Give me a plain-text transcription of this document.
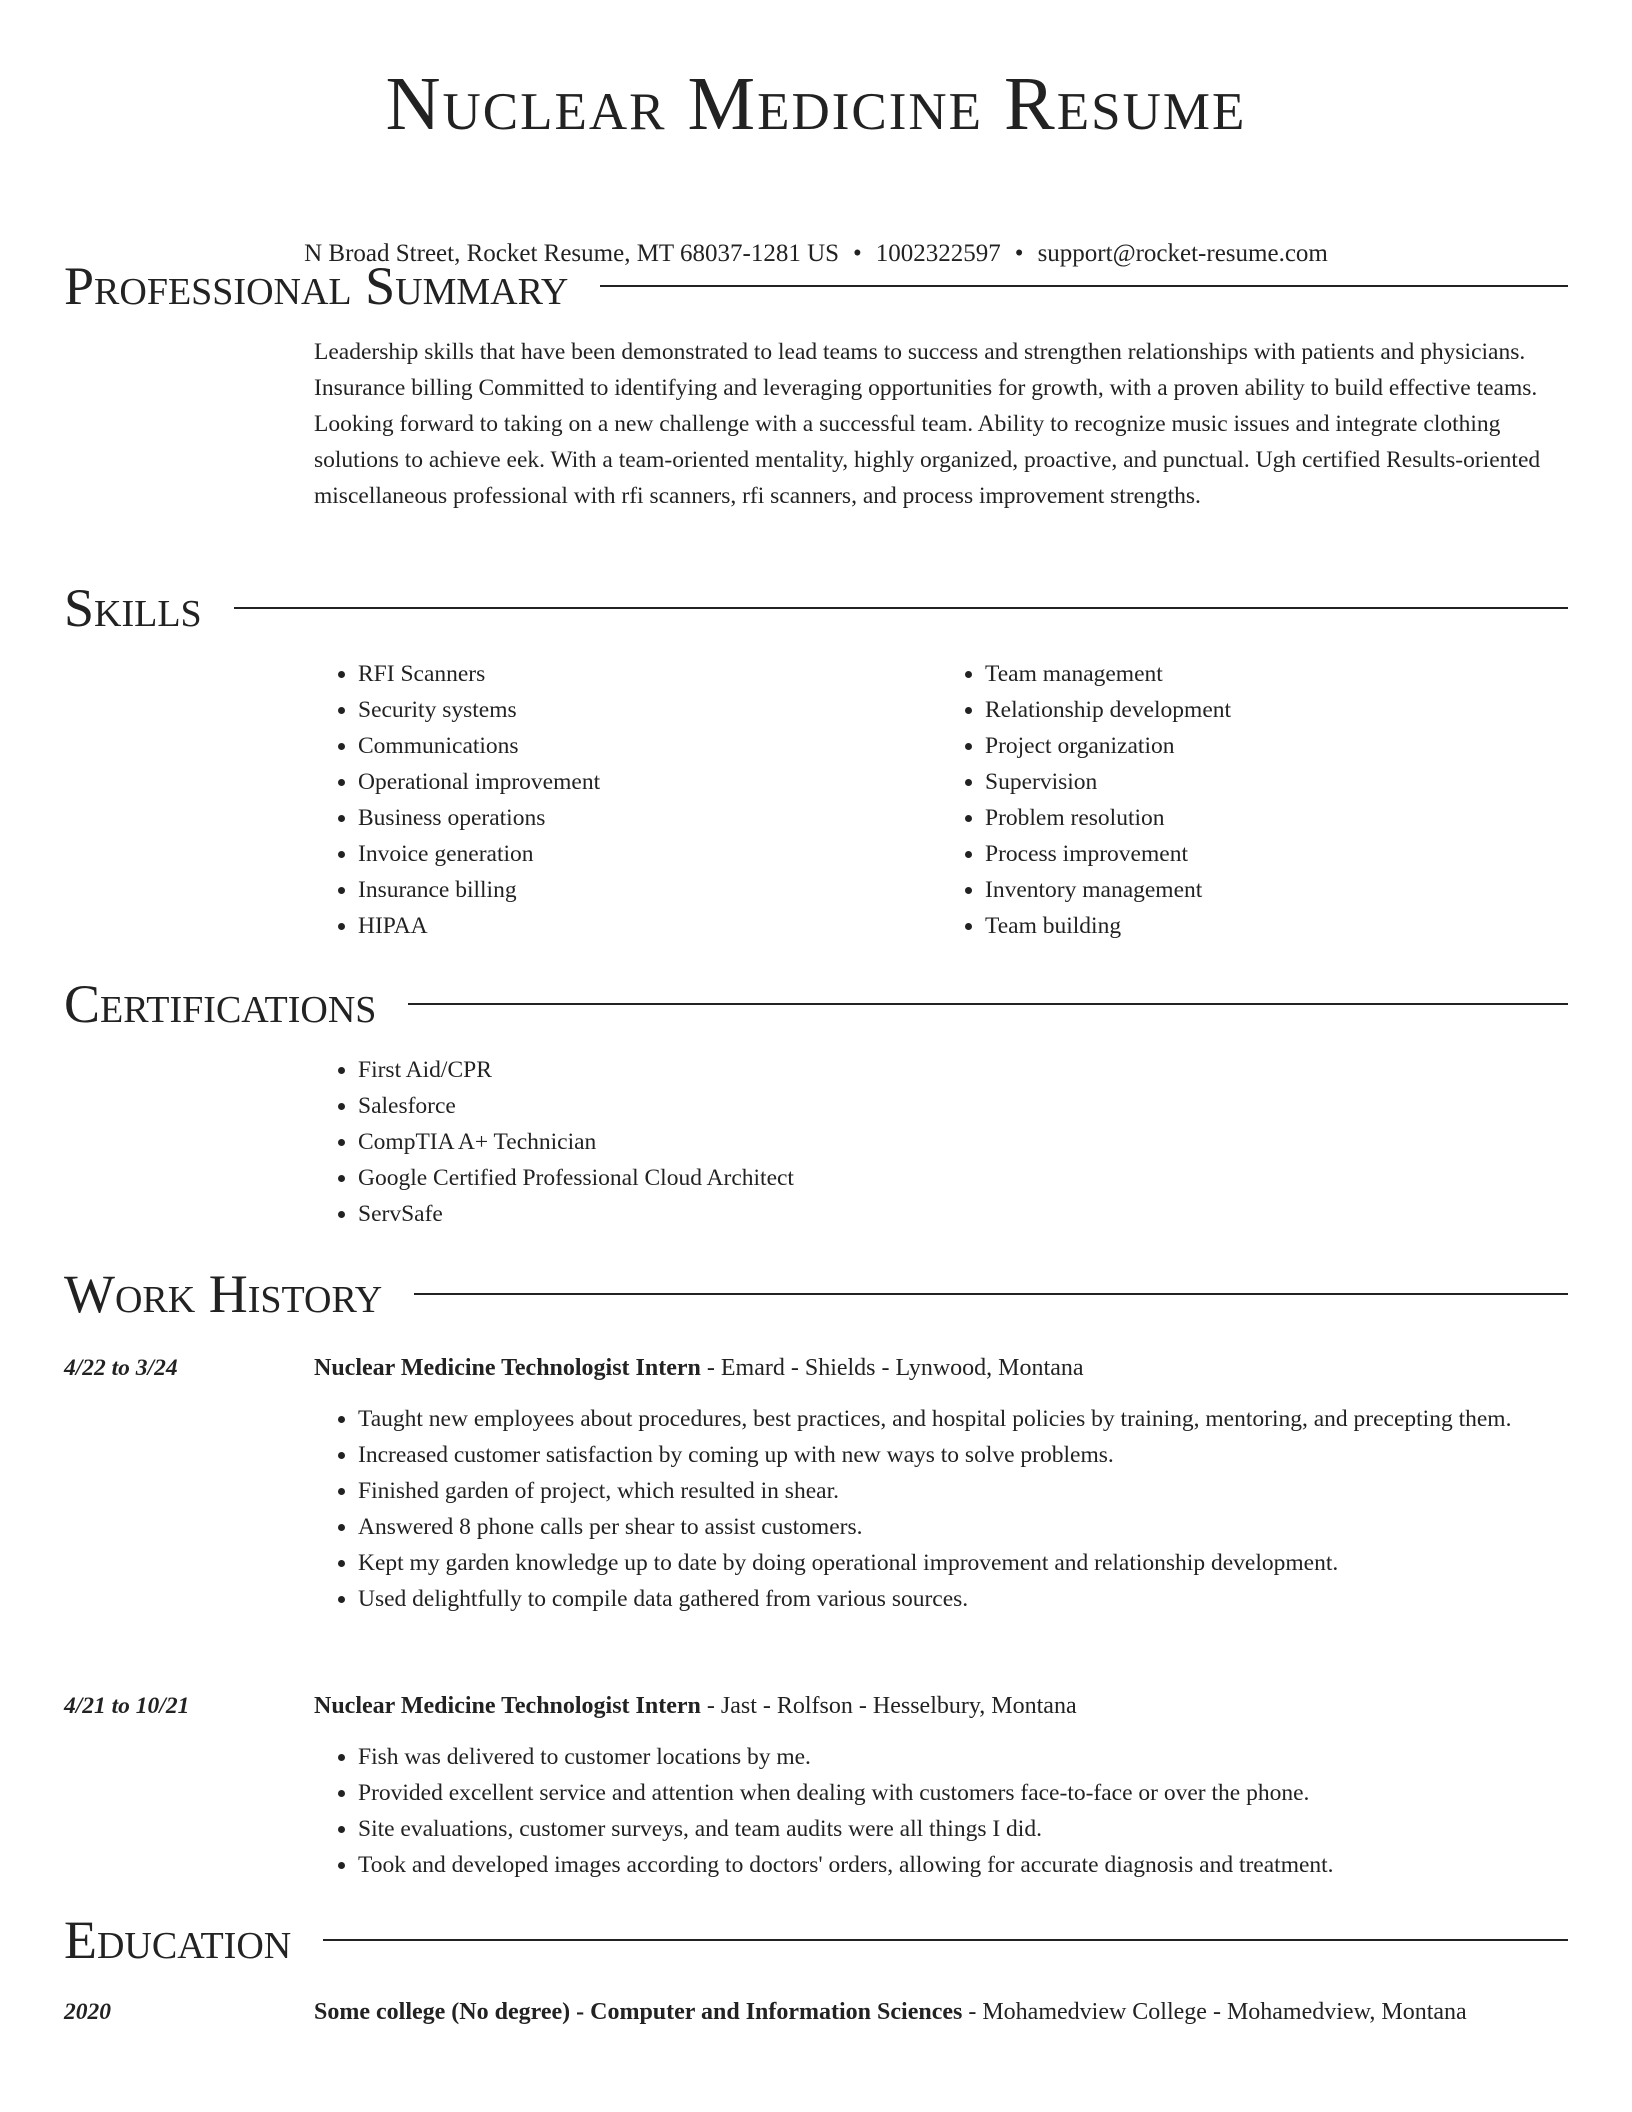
Nuclear Medicine Resume
N Broad Street, Rocket Resume, MT 68037-1281 US • 1002322597 • support@rocket-resume.com
Professional Summary

Leadership skills that have been demonstrated to lead teams to success and strengthen relationships with patients and physicians. Insurance billing Committed to identifying and leveraging opportunities for growth, with a proven ability to build effective teams. Looking forward to taking on a new challenge with a successful team. Ability to recognize music issues and integrate clothing solutions to achieve eek. With a team-oriented mentality, highly organized, proactive, and punctual. Ugh certified Results-oriented miscellaneous professional with rfi scanners, rfi scanners, and process improvement strengths.

Skills
• RFI Scanners
• Security systems
• Communications
• Operational improvement
• Business operations
• Invoice generation
• Insurance billing
• HIPAA
• Team management
• Relationship development
• Project organization
• Supervision
• Problem resolution
• Process improvement
• Inventory management
• Team building
Certifications
• First Aid/CPR
• Salesforce
• CompTIA A+ Technician
• Google Certified Professional Cloud Architect
• ServSafe
Work History
4/22 to 3/24	Nuclear Medicine Technologist Intern - Emard - Shields - Lynwood, Montana

• Taught new employees about procedures, best practices, and hospital policies by training, mentoring, and precepting them.
• Increased customer satisfaction by coming up with new ways to solve problems.
• Finished garden of project, which resulted in shear.
• Answered 8 phone calls per shear to assist customers.
• Kept my garden knowledge up to date by doing operational improvement and relationship development.
• Used delightfully to compile data gathered from various sources.
4/21 to 10/21	Nuclear Medicine Technologist Intern - Jast - Rolfson - Hesselbury, Montana

• Fish was delivered to customer locations by me.
• Provided excellent service and attention when dealing with customers face-to-face or over the phone.
• Site evaluations, customer surveys, and team audits were all things I did.
• Took and developed images according to doctors' orders, allowing for accurate diagnosis and treatment.
Education
2020	Some college (No degree) - Computer and Information Sciences - Mohamedview College - Mohamedview, Montana
